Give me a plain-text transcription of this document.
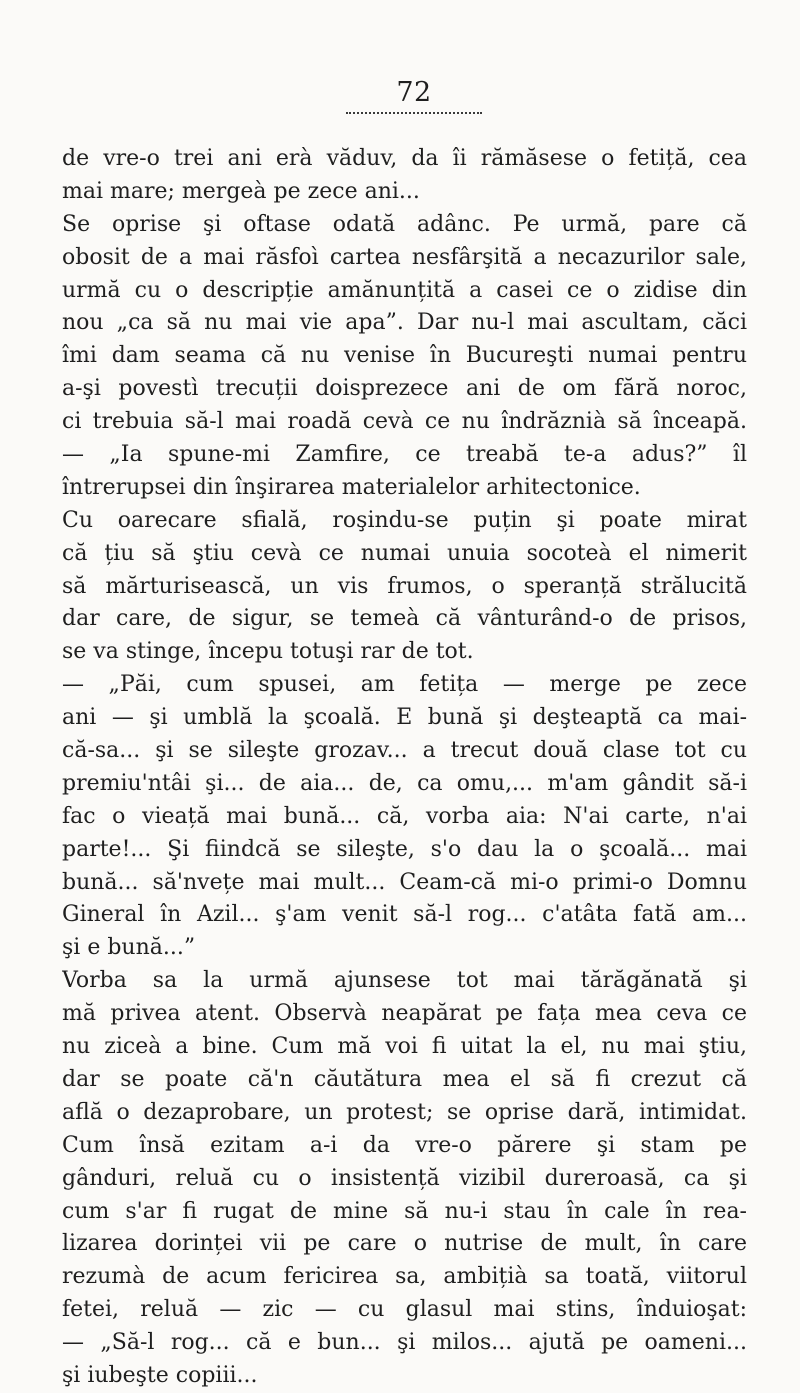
72
de vre-o trei ani erà văduv, da îi rămăsese o fetiță, cea
mai mare; mergeà pe zece ani...
Se oprise şi oftase odată adânc. Pe urmă, pare că
obosit de a mai răsfoì cartea nesfârşită a necazurilor sale,
urmă cu o descripție amănunțită a casei ce o zidise din
nou „ca să nu mai vie apa”. Dar nu-l mai ascultam, căci
îmi dam seama că nu venise în Bucureşti numai pentru
a-şi povestì trecuții doisprezece ani de om fără noroc,
ci trebuia să-l mai roadă cevà ce nu îndrăznià să înceapă.
— „Ia spune-mi Zamfire, ce treabă te-a adus?” îl
întrerupsei din înşirarea materialelor arhitectonice.
Cu oarecare sfială, roşindu-se puțin şi poate mirat
că țiu să ştiu cevà ce numai unuia socoteà el nimerit
să mărturisească, un vis frumos, o speranță strălucită
dar care, de sigur, se temeà că vânturând-o de prisos,
se va stinge, începu totuşi rar de tot.
— „Păi, cum spusei, am fetița — merge pe zece
ani — şi umblă la şcoală. E bună şi deşteaptă ca mai-
că-sa... şi se sileşte grozav... a trecut două clase tot cu
premiu'ntâi şi... de aia... de, ca omu,... m'am gândit să-i
fac o vieață mai bună... că, vorba aia: N'ai carte, n'ai
parte!... Şi fiindcă se sileşte, s'o dau la o şcoală... mai
bună... să'nvețe mai mult... Ceam-că mi-o primi-o Domnu
Gineral în Azil... ş'am venit să-l rog... c'atâta fată am...
şi e bună...”
Vorba sa la urmă ajunsese tot mai tărăgănată şi
mă privea atent. Observà neapărat pe fața mea ceva ce
nu ziceà a bine. Cum mă voi fi uitat la el, nu mai ştiu,
dar se poate că'n căutătura mea el să fi crezut că
află o dezaprobare, un protest; se oprise dară, intimidat.
Cum însă ezitam a-i da vre-o părere şi stam pe
gânduri, reluă cu o insistență vizibil dureroasă, ca şi
cum s'ar fi rugat de mine să nu-i stau în cale în rea-
lizarea dorinței vii pe care o nutrise de mult, în care
rezumà de acum fericirea sa, ambițià sa toată, viitorul
fetei, reluă — zic — cu glasul mai stins, înduioşat:
— „Să-l rog... că e bun... şi milos... ajută pe oameni...
şi iubeşte copiii...
